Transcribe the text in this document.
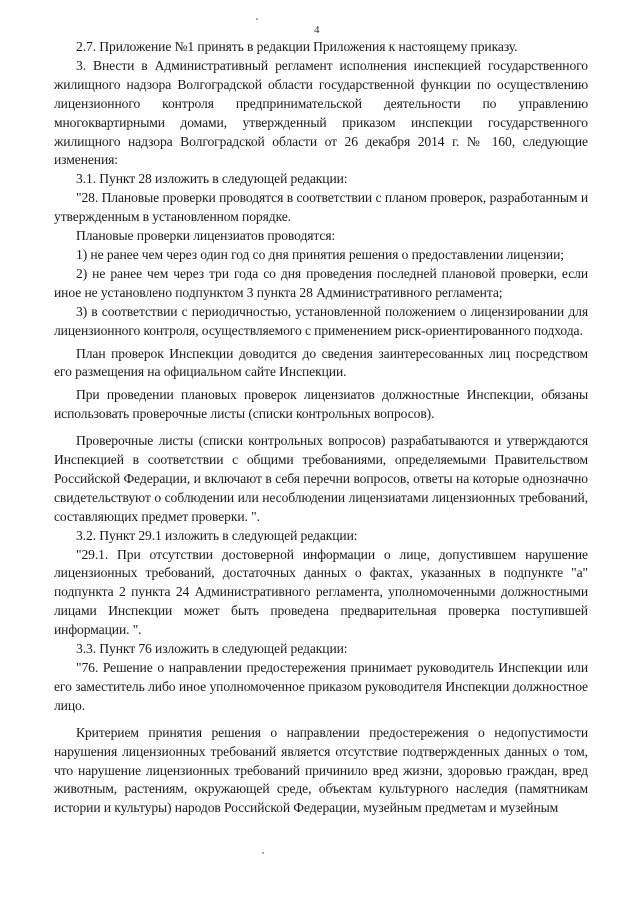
4

2.7. Приложение №1 принять в редакции Приложения к настоящему приказу.

3. Внести в Административный регламент исполнения инспекцией государственного жилищного надзора Волгоградской области государственной функции по осуществлению лицензионного контроля предпринимательской деятельности по управлению многоквартирными домами, утвержденный приказом инспекции государственного жилищного надзора Волгоградской области от 26 декабря 2014 г. № 160, следующие изменения:

3.1. Пункт 28 изложить в следующей редакции:

"28. Плановые проверки проводятся в соответствии с планом проверок, разработанным и утвержденным в установленном порядке.

Плановые проверки лицензиатов проводятся:

1) не ранее чем через один год со дня принятия решения о предоставлении лицензии;

2) не ранее чем через три года со дня проведения последней плановой проверки, если иное не установлено подпунктом 3 пункта 28 Административного регламента;

3) в соответствии с периодичностью, установленной положением о лицензировании для лицензионного контроля, осуществляемого с применением риск-ориентированного подхода.

План проверок Инспекции доводится до сведения заинтересованных лиц посредством его размещения на официальном сайте Инспекции.

При проведении плановых проверок лицензиатов должностные Инспекции, обязаны использовать проверочные листы (списки контрольных вопросов).

Проверочные листы (списки контрольных вопросов) разрабатываются и утверждаются Инспекцией в соответствии с общими требованиями, определяемыми Правительством Российской Федерации, и включают в себя перечни вопросов, ответы на которые однозначно свидетельствуют о соблюдении или несоблюдении лицензиатами лицензионных требований, составляющих предмет проверки. ".

3.2. Пункт 29.1 изложить в следующей редакции:

"29.1. При отсутствии достоверной информации о лице, допустившем нарушение лицензионных требований, достаточных данных о фактах, указанных в подпункте "а" подпункта 2 пункта 24 Административного регламента, уполномоченными должностными лицами Инспекции может быть проведена предварительная проверка поступившей информации. ".

3.3. Пункт 76 изложить в следующей редакции:

"76. Решение о направлении предостережения принимает руководитель Инспекции или его заместитель либо иное уполномоченное приказом руководителя Инспекции должностное лицо.

Критерием принятия решения о направлении предостережения о недопустимости нарушения лицензионных требований является отсутствие подтвержденных данных о том, что нарушение лицензионных требований причинило вред жизни, здоровью граждан, вред животным, растениям, окружающей среде, объектам культурного наследия (памятникам истории и культуры) народов Российской Федерации, музейным предметам и музейным
